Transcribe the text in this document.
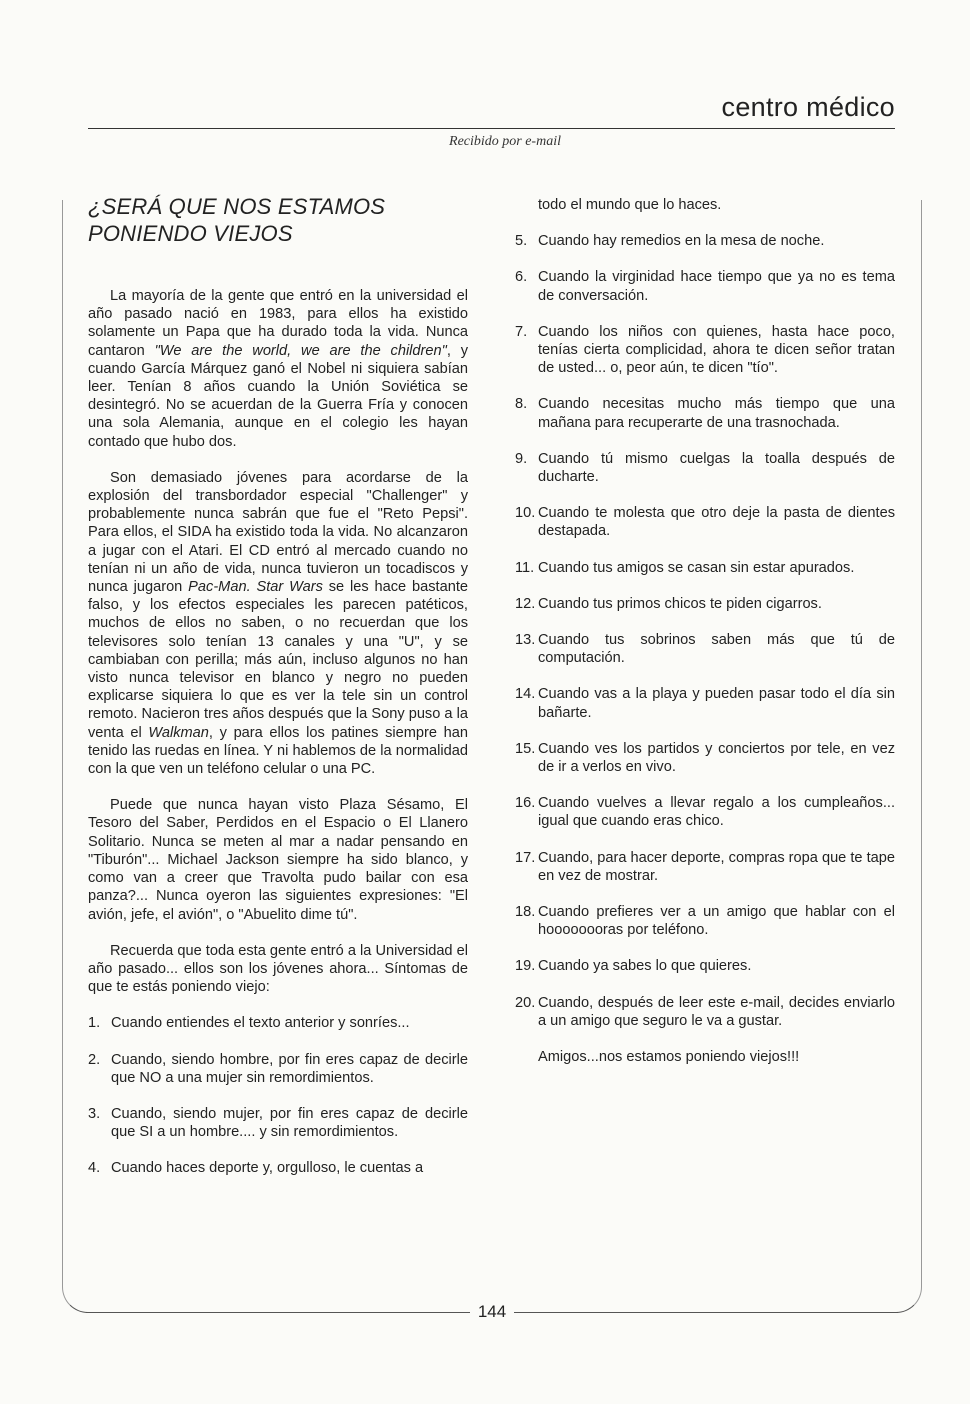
centro médico
Recibido por e-mail
144
¿SERÁ QUE NOS ESTAMOS PONIENDO VIEJOS

La mayoría de la gente que entró en la universidad el año pasado nació en 1983, para ellos ha existido solamente un Papa que ha durado toda la vida. Nunca cantaron "We are the world, we are the children", y cuando García Márquez ganó el Nobel ni siquiera sabían leer. Tenían 8 años cuando la Unión Soviética se desintegró. No se acuerdan de la Guerra Fría y conocen una sola Alemania, aunque en el colegio les hayan contado que hubo dos.

Son demasiado jóvenes para acordarse de la explosión del transbordador especial "Challenger" y probablemente nunca sabrán que fue el "Reto Pepsi". Para ellos, el SIDA ha existido toda la vida. No alcanzaron a jugar con el Atari. El CD entró al mercado cuando no tenían ni un año de vida, nunca tuvieron un tocadiscos y nunca jugaron Pac-Man. Star Wars se les hace bastante falso, y los efectos especiales les parecen patéticos, muchos de ellos no saben, o no recuerdan que los televisores solo tenían 13 canales y una "U", y se cambiaban con perilla; más aún, incluso algunos no han visto nunca televisor en blanco y negro no pueden explicarse siquiera lo que es ver la tele sin un control remoto. Nacieron tres años después que la Sony puso a la venta el Walkman, y para ellos los patines siempre han tenido las ruedas en línea. Y ni hablemos de la normalidad con la que ven un teléfono celular o una PC.

Puede que nunca hayan visto Plaza Sésamo, El Tesoro del Saber, Perdidos en el Espacio o El Llanero Solitario. Nunca se meten al mar a nadar pensando en "Tiburón"... Michael Jackson siempre ha sido blanco, y como van a creer que Travolta pudo bailar con esa panza?... Nunca oyeron las siguientes expresiones: "El avión, jefe, el avión", o "Abuelito dime tú".

Recuerda que toda esta gente entró a la Universidad el año pasado... ellos son los jóvenes ahora... Síntomas de que te estás poniendo viejo:

1. Cuando entiendes el texto anterior y sonríes...
2. Cuando, siendo hombre, por fin eres capaz de decirle que NO a una mujer sin remordimientos.
3. Cuando, siendo mujer, por fin eres capaz de decirle que SI a un hombre.... y sin remordimientos.
4. Cuando haces deporte y, orgulloso, le cuentas a

todo el mundo que lo haces.

5. Cuando hay remedios en la mesa de noche.
6. Cuando la virginidad hace tiempo que ya no es tema de conversación.
7. Cuando los niños con quienes, hasta hace poco, tenías cierta complicidad, ahora te dicen señor tratan de usted... o, peor aún, te dicen "tío".
8. Cuando necesitas mucho más tiempo que una mañana para recuperarte de una trasnochada.
9. Cuando tú mismo cuelgas la toalla después de ducharte.
10. Cuando te molesta que otro deje la pasta de dientes destapada.
11. Cuando tus amigos se casan sin estar apurados.
12. Cuando tus primos chicos te piden cigarros.
13. Cuando tus sobrinos saben más que tú de computación.
14. Cuando vas a la playa y pueden pasar todo el día sin bañarte.
15. Cuando ves los partidos y conciertos por tele, en vez de ir a verlos en vivo.
16. Cuando vuelves a llevar regalo a los cumpleaños... igual que cuando eras chico.
17. Cuando, para hacer deporte, compras ropa que te tape en vez de mostrar.
18. Cuando prefieres ver a un amigo que hablar con el hoooooooras por teléfono.
19. Cuando ya sabes lo que quieres.
20. Cuando, después de leer este e-mail, decides enviarlo a un amigo que seguro le va a gustar.

Amigos...nos estamos poniendo viejos!!!
